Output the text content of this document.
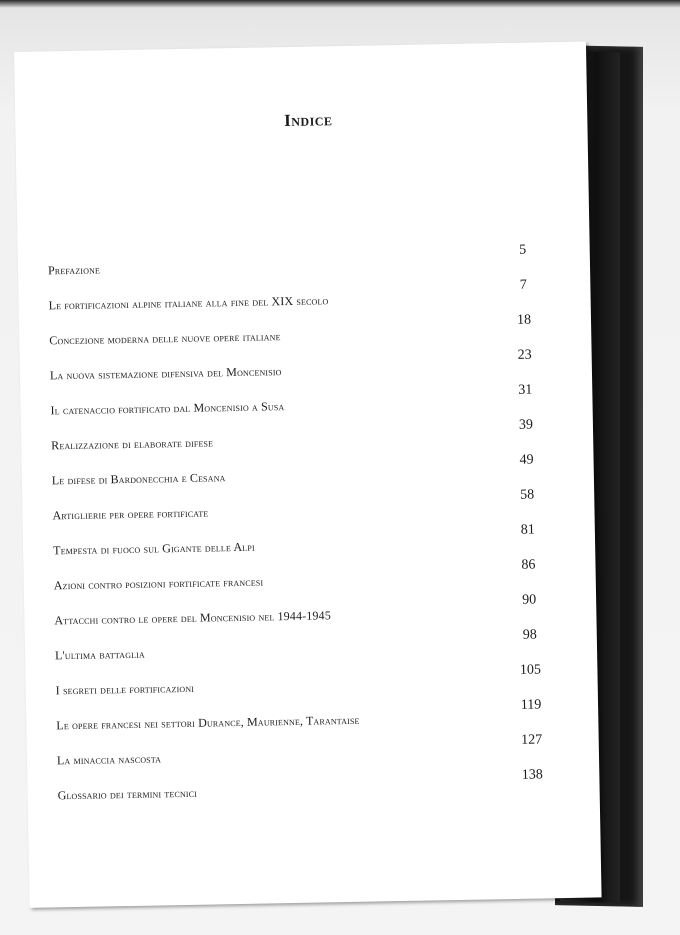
Indice
Prefazione
5
Le fortificazioni alpine italiane alla fine del XIX secolo
7
Concezione moderna delle nuove opere italiane
18
La nuova sistemazione difensiva del Moncenisio
23
Il catenaccio fortificato dal Moncenisio a Susa
31
Realizzazione di elaborate difese
39
Le difese di Bardonecchia e Cesana
49
Artiglierie per opere fortificate
58
Tempesta di fuoco sul Gigante delle Alpi
81
Azioni contro posizioni fortificate francesi
86
Attacchi contro le opere del Moncenisio nel 1944-1945
90
L'ultima battaglia
98
I segreti delle fortificazioni
105
Le opere francesi nei settori Durance, Maurienne, Tarantaise
119
La minaccia nascosta
127
Glossario dei termini tecnici
138
